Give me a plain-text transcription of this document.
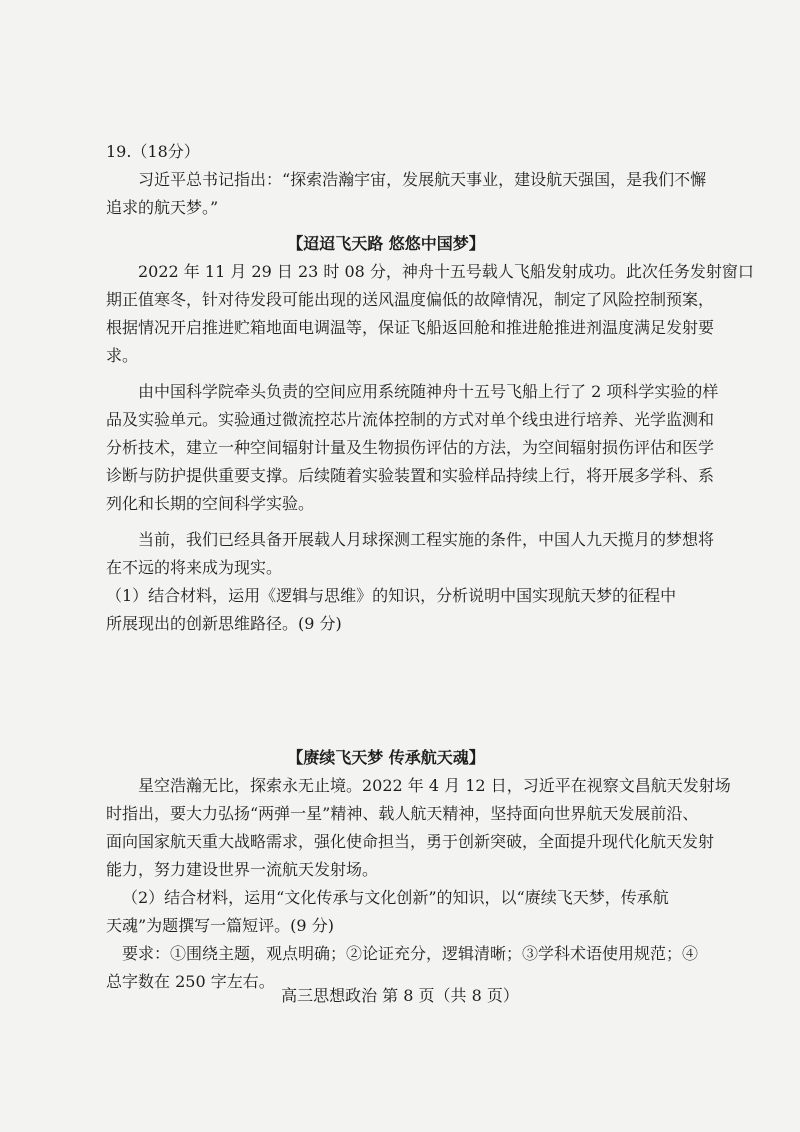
19.（18分）
习近平总书记指出：“探索浩瀚宇宙，发展航天事业，建设航天强国，是我们不懈
追求的航天梦。”
【迢迢飞天路 悠悠中国梦】
2022 年 11 月 29 日 23 时 08 分，神舟十五号载人飞船发射成功。此次任务发射窗口
期正值寒冬，针对待发段可能出现的送风温度偏低的故障情况，制定了风险控制预案，
根据情况开启推进贮箱地面电调温等，保证飞船返回舱和推进舱推进剂温度满足发射要
求。
由中国科学院牵头负责的空间应用系统随神舟十五号飞船上行了 2 项科学实验的样
品及实验单元。实验通过微流控芯片流体控制的方式对单个线虫进行培养、光学监测和
分析技术，建立一种空间辐射计量及生物损伤评估的方法，为空间辐射损伤评估和医学
诊断与防护提供重要支撑。后续随着实验装置和实验样品持续上行，将开展多学科、系
列化和长期的空间科学实验。
当前，我们已经具备开展载人月球探测工程实施的条件，中国人九天揽月的梦想将
在不远的将来成为现实。
（1）结合材料，运用《逻辑与思维》的知识，分析说明中国实现航天梦的征程中
所展现出的创新思维路径。(9 分)
【赓续飞天梦 传承航天魂】
星空浩瀚无比，探索永无止境。2022 年 4 月 12 日，习近平在视察文昌航天发射场
时指出，要大力弘扬“两弹一星”精神、载人航天精神，坚持面向世界航天发展前沿、
面向国家航天重大战略需求，强化使命担当，勇于创新突破，全面提升现代化航天发射
能力，努力建设世界一流航天发射场。
（2）结合材料，运用“文化传承与文化创新”的知识，以“赓续飞天梦，传承航
天魂”为题撰写一篇短评。(9 分)
要求：①围绕主题，观点明确；②论证充分，逻辑清晰；③学科术语使用规范；④
总字数在 250 字左右。
高三思想政治 第 8 页（共 8 页）
